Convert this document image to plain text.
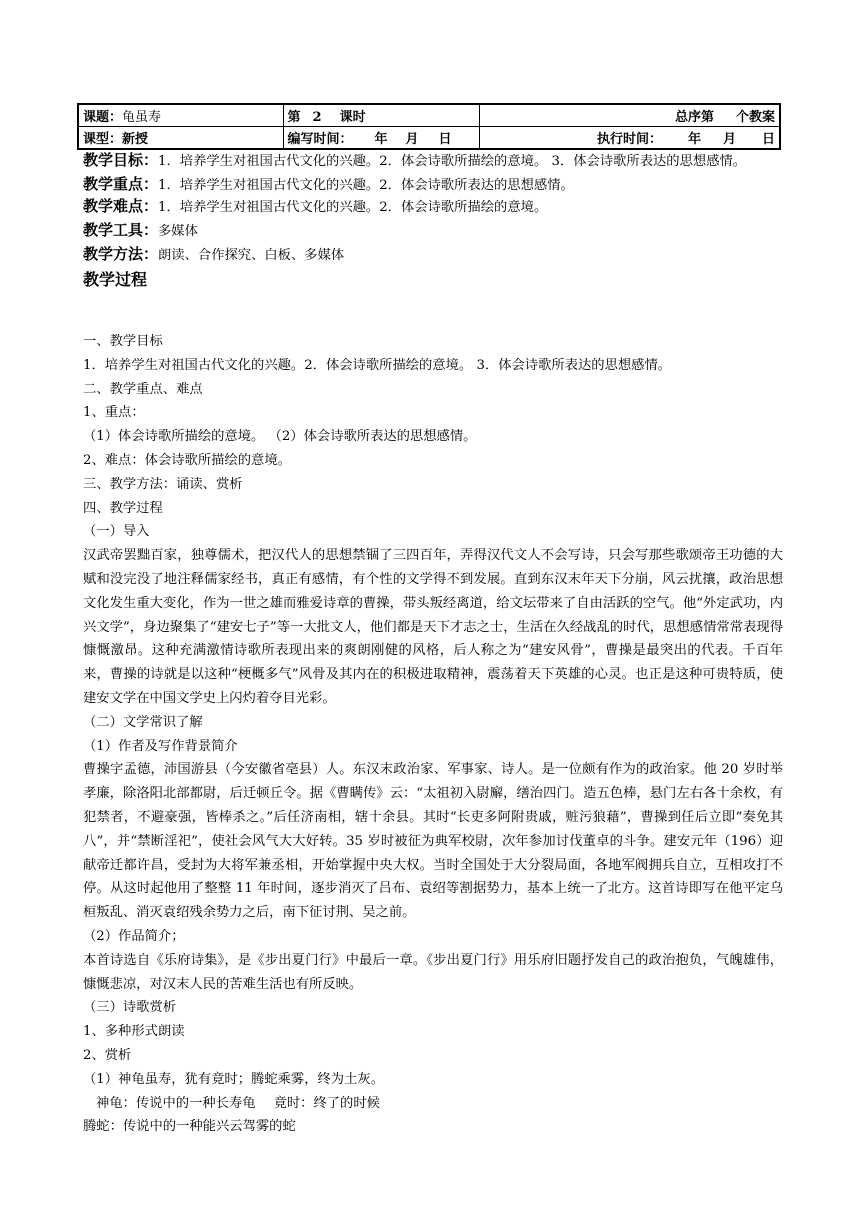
课题：龟虽寿	第 2 课时	总序第 个教案
课型：新授	编写时间： 年 月 日	执行时间： 年 月 日

教学目标：1．培养学生对祖国古代文化的兴趣。2．体会诗歌所描绘的意境。 3．体会诗歌所表达的思想感情。

教学重点：1．培养学生对祖国古代文化的兴趣。2．体会诗歌所表达的思想感情。

教学难点：1．培养学生对祖国古代文化的兴趣。2．体会诗歌所描绘的意境。

教学工具：多媒体

教学方法：朗读、合作探究、白板、多媒体

教学过程

一、教学目标

1．培养学生对祖国古代文化的兴趣。2．体会诗歌所描绘的意境。 3．体会诗歌所表达的思想感情。

二、教学重点、难点

1、重点：

（1）体会诗歌所描绘的意境。 （2）体会诗歌所表达的思想感情。

2、难点：体会诗歌所描绘的意境。

三、教学方法：诵读、赏析

四、教学过程

（一）导入

汉武帝罢黜百家，独尊儒术，把汉代人的思想禁锢了三四百年，弄得汉代文人不会写诗，只会写那些歌颂帝王功德的大赋和没完没了地注释儒家经书，真正有感情，有个性的文学得不到发展。直到东汉末年天下分崩，风云扰攘，政治思想文化发生重大变化，作为一世之雄而雅爱诗章的曹操，带头叛经离道，给文坛带来了自由活跃的空气。他“外定武功，内兴文学”，身边聚集了“建安七子”等一大批文人，他们都是天下才志之士，生活在久经战乱的时代，思想感情常常表现得慷慨激昂。这种充满激情诗歌所表现出来的爽朗刚健的风格，后人称之为“建安风骨”，曹操是最突出的代表。千百年来，曹操的诗就是以这种“梗概多气”风骨及其内在的积极进取精神，震荡着天下英雄的心灵。也正是这种可贵特质，使建安文学在中国文学史上闪灼着夺目光彩。

（二）文学常识了解

（1）作者及写作背景简介

曹操字孟德，沛国游县（今安徽省亳县）人。东汉末政治家、军事家、诗人。是一位颇有作为的政治家。他 20 岁时举孝廉，除洛阳北部都尉，后迁顿丘令。据《曹瞒传》云：“太祖初入尉廨，缮治四门。造五色棒，悬门左右各十余枚，有犯禁者，不避豪强，皆棒杀之。”后任济南相，辖十余县。其时“长吏多阿附贵戚，赃污狼藉”，曹操到任后立即“奏免其八”，并“禁断淫祀”，使社会风气大大好转。35 岁时被征为典军校尉，次年参加讨伐董卓的斗争。建安元年（196）迎献帝迁都许昌，受封为大将军兼丞相，开始掌握中央大权。当时全国处于大分裂局面，各地军阀拥兵自立，互相攻打不停。从这时起他用了整整 11 年时间，逐步消灭了吕布、袁绍等割据势力，基本上统一了北方。这首诗即写在他平定乌桓叛乱、消灭袁绍残余势力之后，南下征讨荆、吴之前。

（2）作品简介；

本首诗选自《乐府诗集》，是《步出夏门行》中最后一章。《步出夏门行》用乐府旧题抒发自己的政治抱负，气魄雄伟，慷慨悲凉，对汉末人民的苦难生活也有所反映。

（三）诗歌赏析

1、多种形式朗读

2、赏析

（1）神龟虽寿，犹有竟时；腾蛇乘雾，终为土灰。

神龟：传说中的一种长寿龟 竟时：终了的时候

腾蛇：传说中的一种能兴云驾雾的蛇
